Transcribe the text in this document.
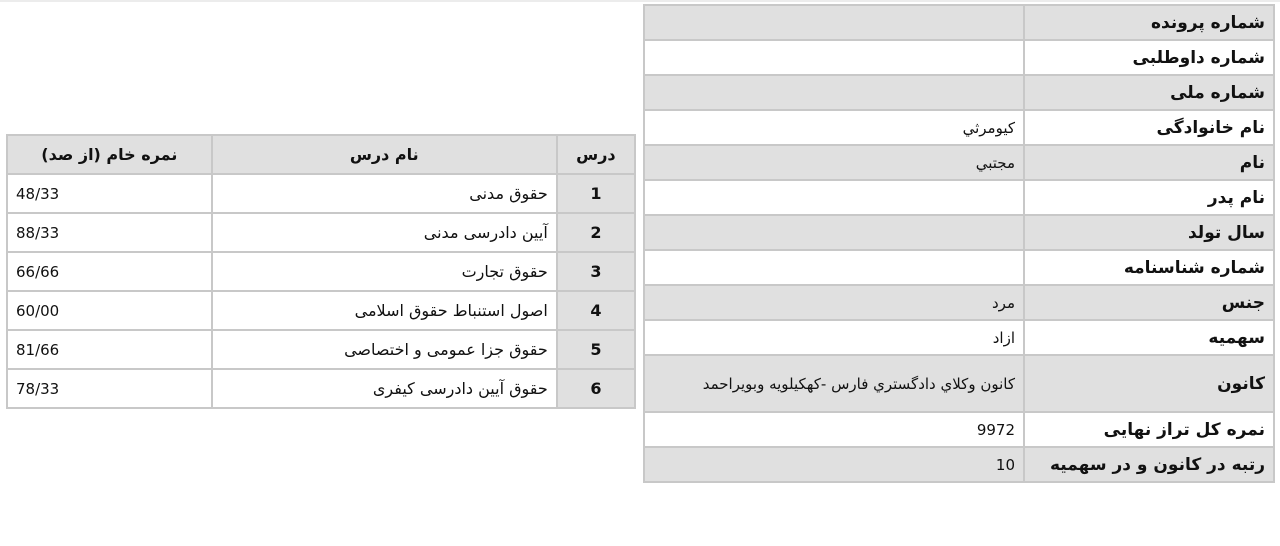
شماره پرونده	
شماره داوطلبی	
شماره ملی	
نام خانوادگی	كيومرثي
نام	مجتبي
نام پدر	
سال تولد	
شماره شناسنامه	
جنس	مرد
سهمیه	ازاد
کانون	كانون وكلاي دادگستري فارس -كهكيلويه وبويراحمد
نمره کل تراز نهایی	9972
رتبه در کانون و در سهمیه	10
درس	نام درس	نمره خام (از صد)
1	حقوق مدنی	48/33
2	آیین دادرسی مدنی	88/33
3	حقوق تجارت	66/66
4	اصول استنباط حقوق اسلامی	60/00
5	حقوق جزا عمومی و اختصاصی	81/66
6	حقوق آیین دادرسی کیفری	78/33
